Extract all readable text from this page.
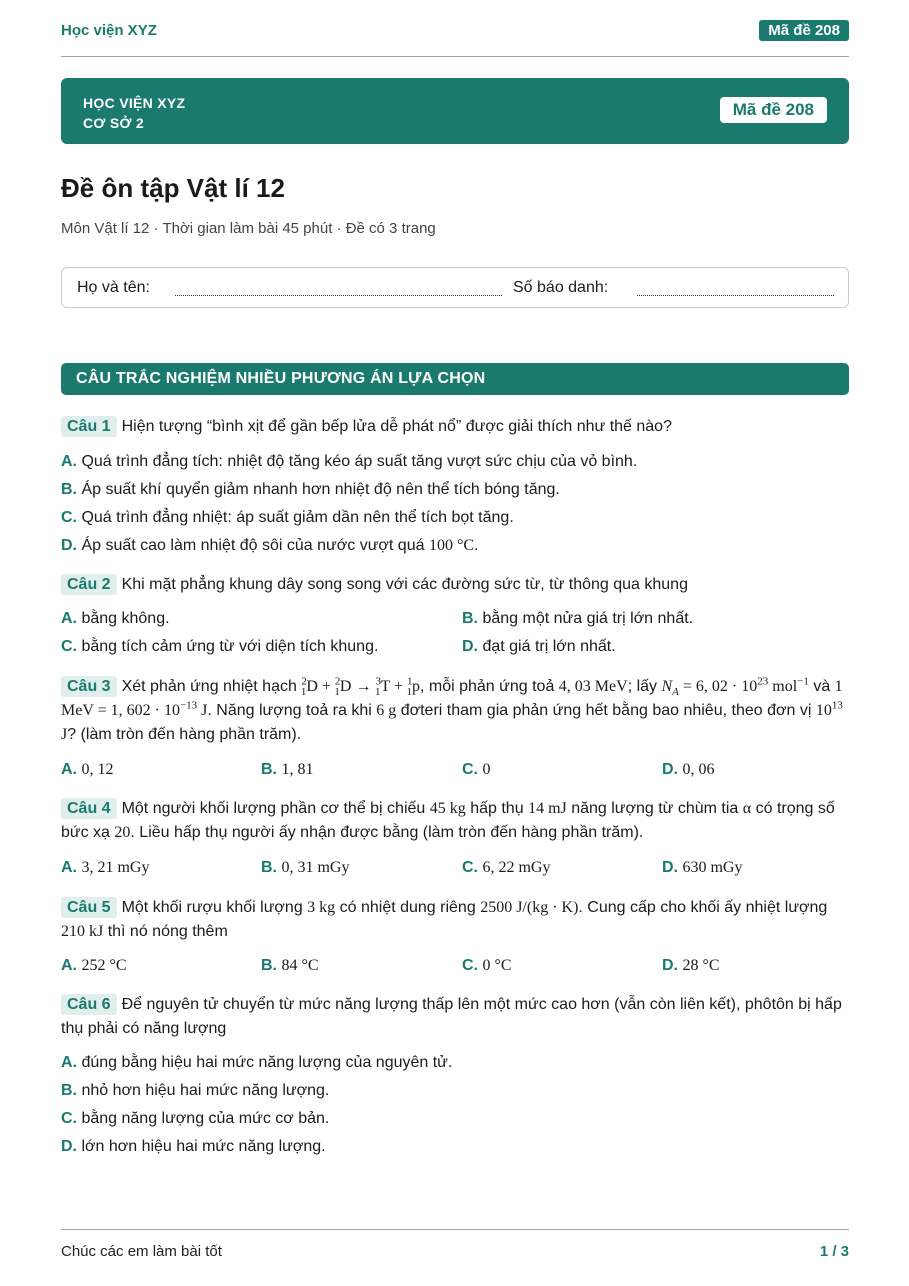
Học viện XYZ	Mã đề 208
HỌC VIỆN XYZ
CƠ SỞ 2
Mã đề 208
Đề ôn tập Vật lí 12
Môn Vật lí 12 · Thời gian làm bài 45 phút · Đề có 3 trang
Họ và tên:	Số báo danh:
CÂU TRẮC NGHIỆM NHIỀU PHƯƠNG ÁN LỰA CHỌN
Câu 1 Hiện tượng “bình xịt để gần bếp lửa dễ phát nổ” được giải thích như thế nào?
A. Quá trình đẳng tích: nhiệt độ tăng kéo áp suất tăng vượt sức chịu của vỏ bình.
B. Áp suất khí quyển giảm nhanh hơn nhiệt độ nên thể tích bóng tăng.
C. Quá trình đẳng nhiệt: áp suất giảm dần nên thể tích bọt tăng.
D. Áp suất cao làm nhiệt độ sôi của nước vượt quá 100 °C.
Câu 2 Khi mặt phẳng khung dây song song với các đường sức từ, từ thông qua khung
A. bằng không.	B. bằng một nửa giá trị lớn nhất.
C. bằng tích cảm ứng từ với diện tích khung.	D. đạt giá trị lớn nhất.
Câu 3 Xét phản ứng nhiệt hạch $^2_1$D + $^2_1$D → $^3_1$T + $^1_1$p, mỗi phản ứng toả 4, 03 MeV; lấy $N_A = 6$, $02 \cdot 10^{23}$ mol$^{-1}$ và 1 MeV = 1, $602 \cdot 10^{-13}$ J. Năng lượng toả ra khi 6 g đơteri tham gia phản ứng hết bằng bao nhiêu, theo đơn vị $10^{13}$ J? (làm tròn đến hàng phần trăm).
A. 0, 12	B. 1, 81	C. 0	D. 0, 06
Câu 4 Một người khối lượng phần cơ thể bị chiếu 45 kg hấp thụ 14 mJ năng lượng từ chùm tia α có trọng số bức xạ 20. Liều hấp thụ người ấy nhận được bằng (làm tròn đến hàng phần trăm).
A. 3, 21 mGy	B. 0, 31 mGy	C. 6, 22 mGy	D. 630 mGy
Câu 5 Một khối rượu khối lượng 3 kg có nhiệt dung riêng 2500 J/(kg · K). Cung cấp cho khối ấy nhiệt lượng 210 kJ thì nó nóng thêm
A. 252 °C	B. 84 °C	C. 0 °C	D. 28 °C
Câu 6 Để nguyên tử chuyển từ mức năng lượng thấp lên một mức cao hơn (vẫn còn liên kết), phôtôn bị hấp thụ phải có năng lượng
A. đúng bằng hiệu hai mức năng lượng của nguyên tử.
B. nhỏ hơn hiệu hai mức năng lượng.
C. bằng năng lượng của mức cơ bản.
D. lớn hơn hiệu hai mức năng lượng.
Chúc các em làm bài tốt	1 / 3
